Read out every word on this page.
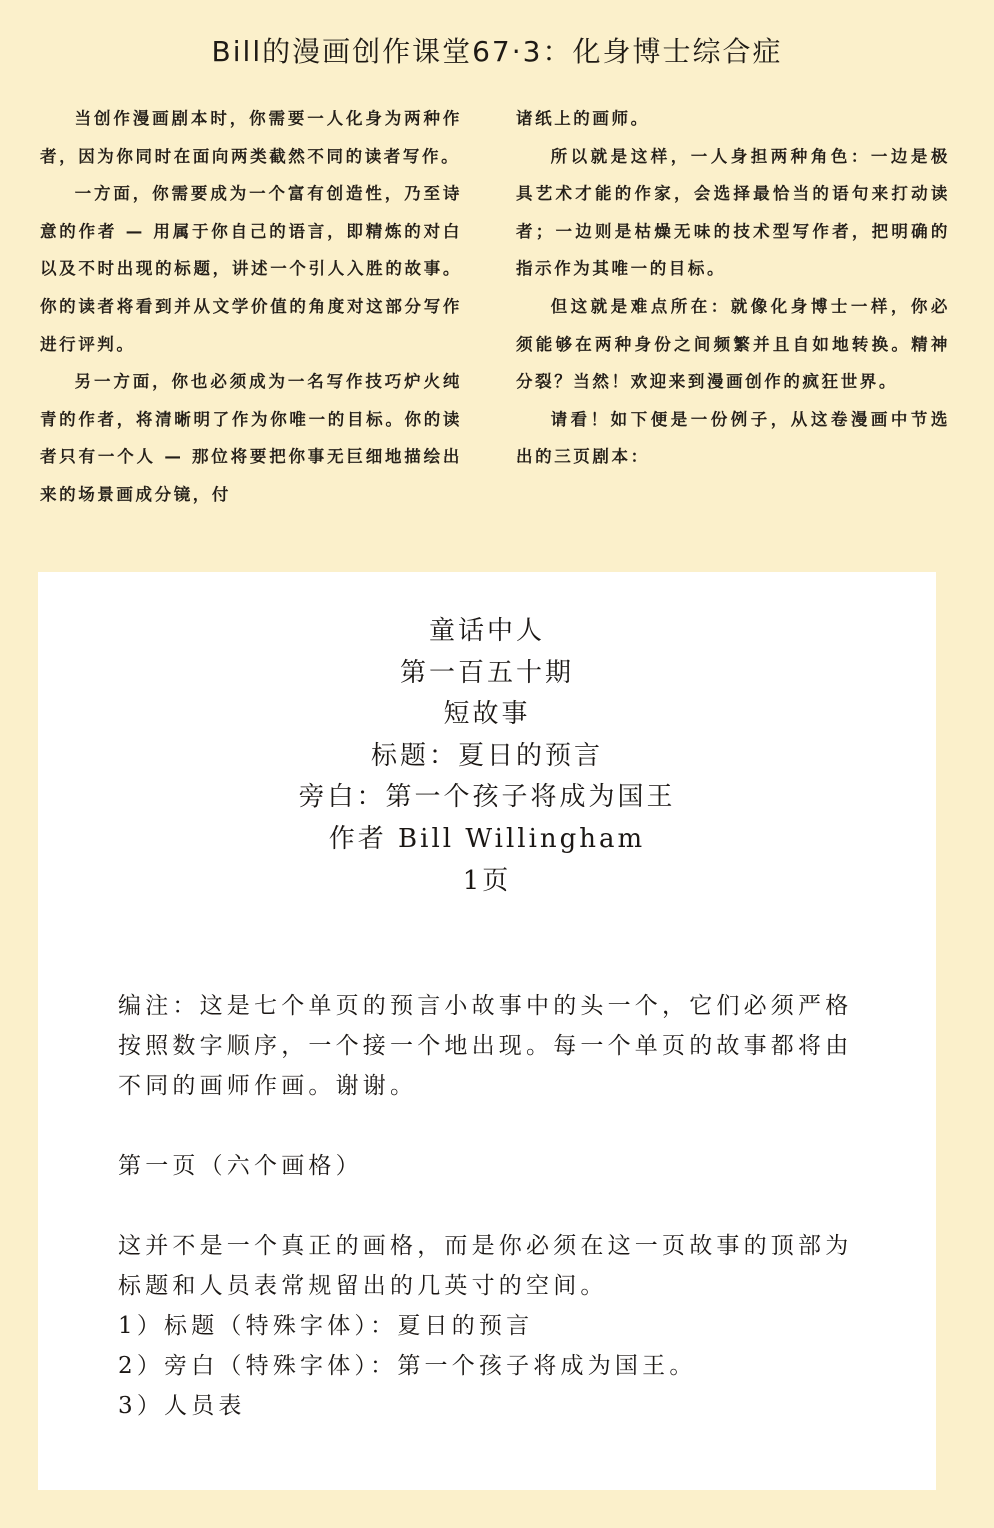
Bill的漫画创作课堂67·3：化身博士综合症

当创作漫画剧本时，你需要一人化身为两种作者，因为你同时在面向两类截然不同的读者写作。

一方面，你需要成为一个富有创造性，乃至诗意的作者 — 用属于你自己的语言，即精炼的对白以及不时出现的标题，讲述一个引人入胜的故事。你的读者将看到并从文学价值的角度对这部分写作进行评判。

另一方面，你也必须成为一名写作技巧炉火纯青的作者，将清晰明了作为你唯一的目标。你的读者只有一个人 — 那位将要把你事无巨细地描绘出来的场景画成分镜，付

诸纸上的画师。

所以就是这样，一人身担两种角色：一边是极具艺术才能的作家，会选择最恰当的语句来打动读者；一边则是枯燥无味的技术型写作者，把明确的指示作为其唯一的目标。

但这就是难点所在：就像化身博士一样，你必须能够在两种身份之间频繁并且自如地转换。精神分裂？当然！欢迎来到漫画创作的疯狂世界。

请看！如下便是一份例子，从这卷漫画中节选出的三页剧本：

童话中人
第一百五十期
短故事
标题：夏日的预言
旁白：第一个孩子将成为国王
作者 Bill Willingham
1页

编注：这是七个单页的预言小故事中的头一个，它们必须严格按照数字顺序，一个接一个地出现。每一个单页的故事都将由不同的画师作画。谢谢。

第一页（六个画格）

这并不是一个真正的画格，而是你必须在这一页故事的顶部为标题和人员表常规留出的几英寸的空间。

1）标题（特殊字体）：夏日的预言

2）旁白（特殊字体）：第一个孩子将成为国王。

3）人员表
